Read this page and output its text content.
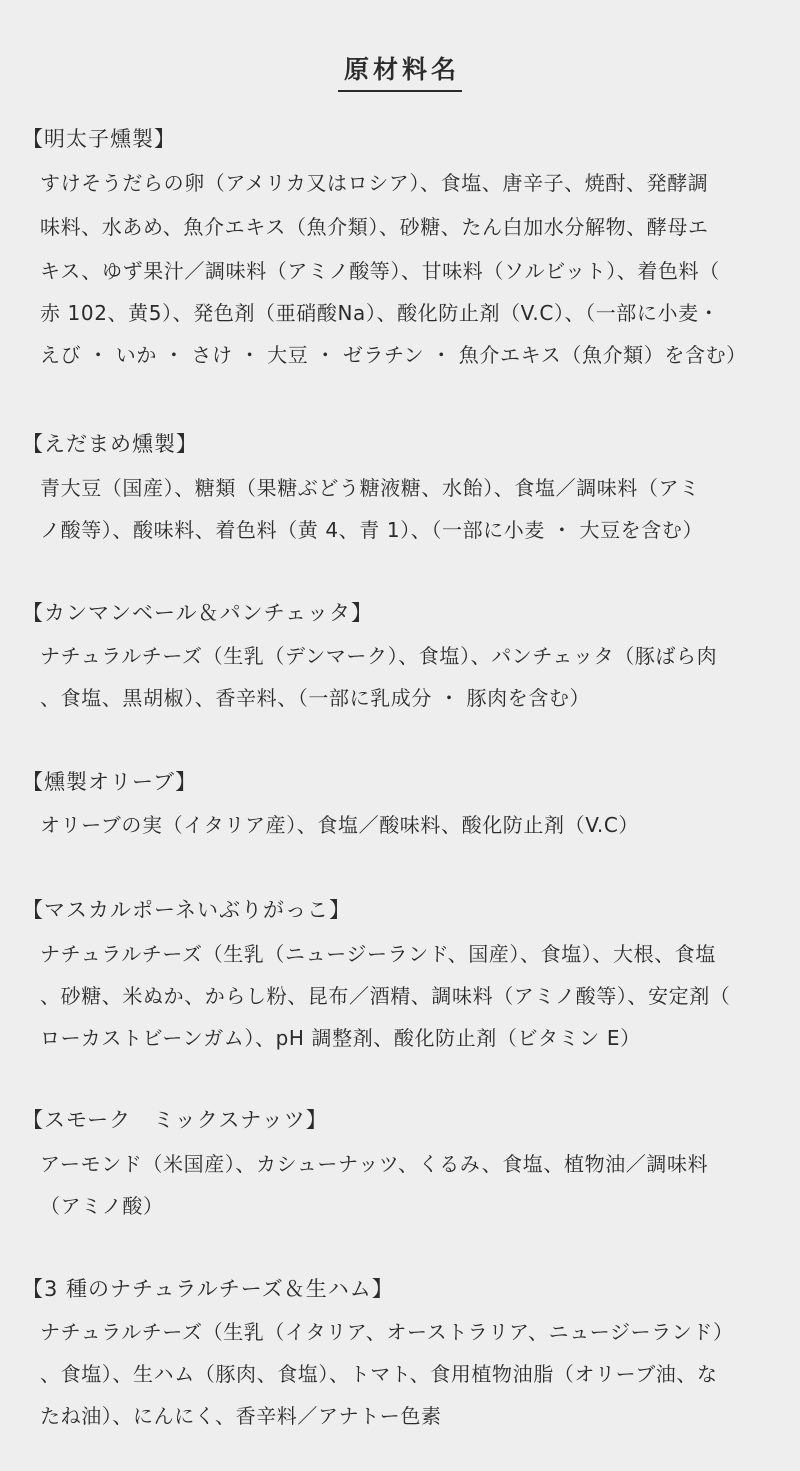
原材料名
【明太子燻製】
すけそうだらの卵（アメリカ又はロシア）、食塩、唐辛子、焼酎、発酵調
味料、水あめ、魚介エキス（魚介類）、砂糖、たん白加水分解物、酵母エ
キス、ゆず果汁／調味料（アミノ酸等）、甘味料（ソルビット）、着色料（
赤 102、黄5）、発色剤（亜硝酸Na）、酸化防止剤（V.C）、（一部に小麦・
えび ・ いか ・ さけ ・ 大豆 ・ ゼラチン ・ 魚介エキス（魚介類）を含む）
【えだまめ燻製】
青大豆（国産）、糖類（果糖ぶどう糖液糖、水飴）、食塩／調味料（アミ
ノ酸等）、酸味料、着色料（黄 4、青 1）、（一部に小麦 ・ 大豆を含む）
【カンマンベール＆パンチェッタ】
ナチュラルチーズ（生乳（デンマーク）、食塩）、パンチェッタ（豚ばら肉
、食塩、黒胡椒）、香辛料、（一部に乳成分 ・ 豚肉を含む）
【燻製オリーブ】
オリーブの実（イタリア産）、食塩／酸味料、酸化防止剤（V.C）
【マスカルポーネいぶりがっこ】
ナチュラルチーズ（生乳（ニュージーランド、国産）、食塩）、大根、食塩
、砂糖、米ぬか、からし粉、昆布／酒精、調味料（アミノ酸等）、安定剤（
ローカストビーンガム）、pH 調整剤、酸化防止剤（ビタミン E）
【スモーク　ミックスナッツ】
アーモンド（米国産）、カシューナッツ、くるみ、食塩、植物油／調味料
（アミノ酸）
【3 種のナチュラルチーズ＆生ハム】
ナチュラルチーズ（生乳（イタリア、オーストラリア、ニュージーランド）
、食塩）、生ハム（豚肉、食塩）、トマト、食用植物油脂（オリーブ油、な
たね油）、にんにく、香辛料／アナトー色素
